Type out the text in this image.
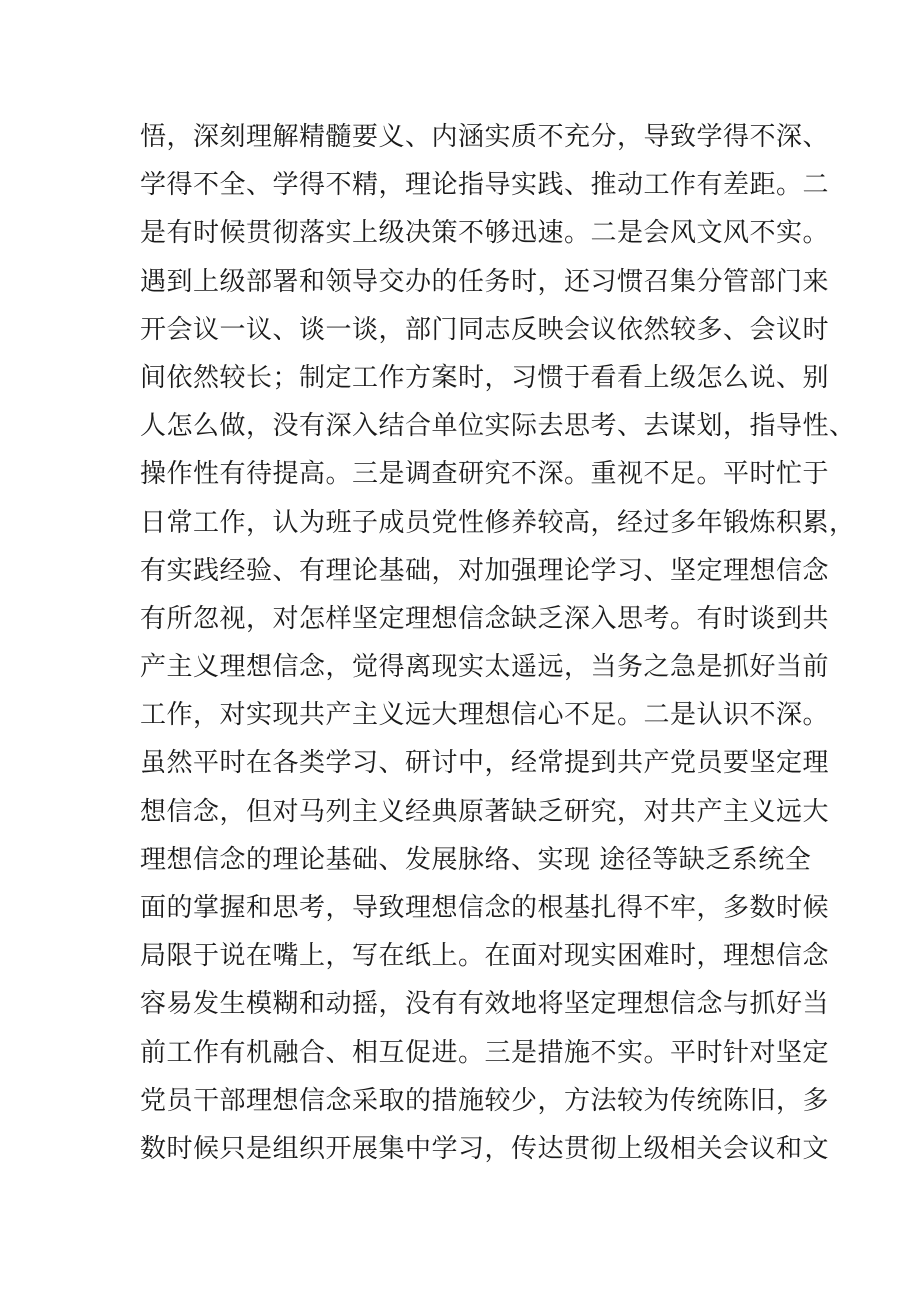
悟，深刻理解精髓要义、内涵实质不充分，导致学得不深、
学得不全、学得不精，理论指导实践、推动工作有差距。二
是有时候贯彻落实上级决策不够迅速。二是会风文风不实。
遇到上级部署和领导交办的任务时，还习惯召集分管部门来
开会议一议、谈一谈，部门同志反映会议依然较多、会议时
间依然较长；制定工作方案时，习惯于看看上级怎么说、别
人怎么做，没有深入结合单位实际去思考、去谋划，指导性、
操作性有待提高。三是调查研究不深。重视不足。平时忙于
日常工作，认为班子成员党性修养较高，经过多年锻炼积累，
有实践经验、有理论基础，对加强理论学习、坚定理想信念
有所忽视，对怎样坚定理想信念缺乏深入思考。有时谈到共
产主义理想信念，觉得离现实太遥远，当务之急是抓好当前
工作，对实现共产主义远大理想信心不足。二是认识不深。
虽然平时在各类学习、研讨中，经常提到共产党员要坚定理
想信念，但对马列主义经典原著缺乏研究，对共产主义远大
理想信念的理论基础、发展脉络、实现 途径等缺乏系统全
面的掌握和思考，导致理想信念的根基扎得不牢，多数时候
局限于说在嘴上，写在纸上。在面对现实困难时，理想信念
容易发生模糊和动摇，没有有效地将坚定理想信念与抓好当
前工作有机融合、相互促进。三是措施不实。平时针对坚定
党员干部理想信念采取的措施较少，方法较为传统陈旧，多
数时候只是组织开展集中学习，传达贯彻上级相关会议和文
